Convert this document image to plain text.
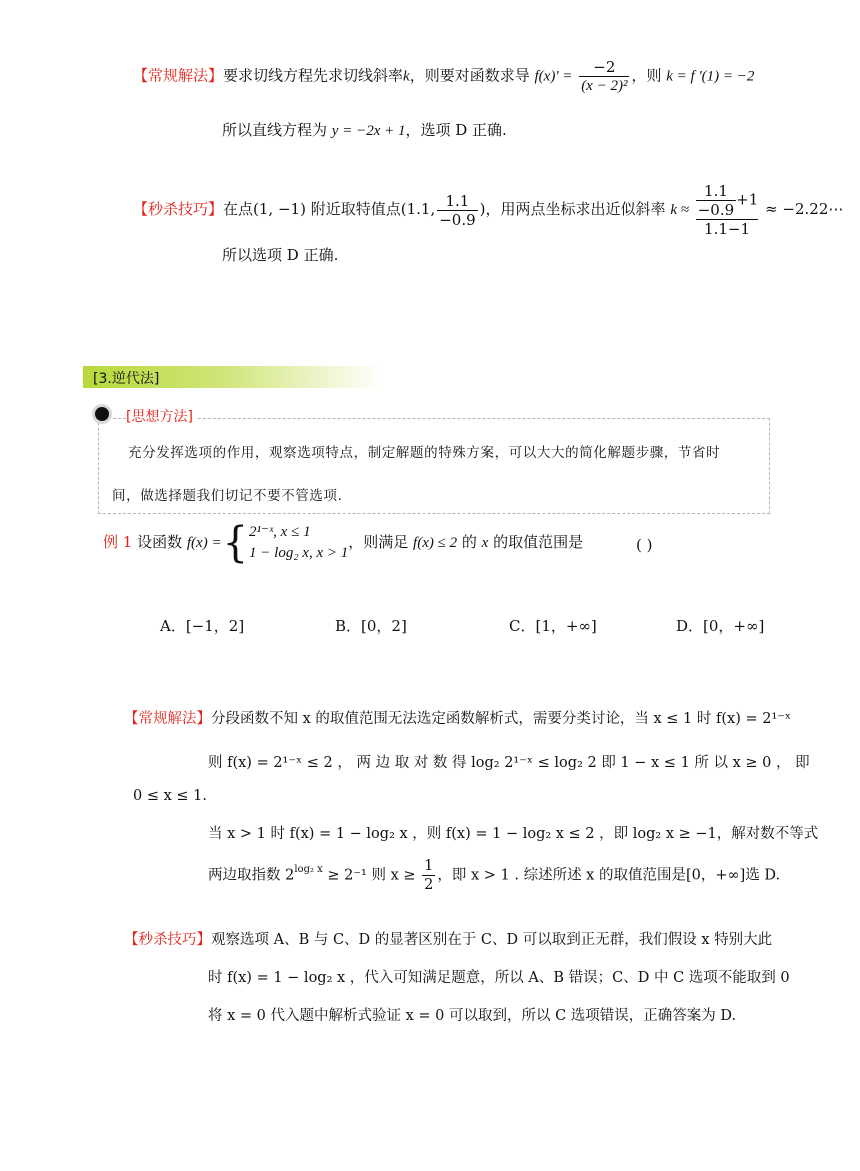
【常规解法】要求切线方程先求切线斜率k，则要对函数求导 $f(x)' = \frac{-2}{\text{(x − 2)²}}$ ，则 k = f '(1) = −2
所以直线方程为 y = −2x + 1，选项 D 正确.
【秒杀技巧】在点(1, −1) 附近取特值点(1.1, $\frac{1.1}{-0.9}$ )，用两点坐标求出近似斜率 $k \approx \frac{\frac{1.1}{-0.9} +1}{1.1-1}$ ≈ −2.22⋯
所以选项 D 正确.
[3.逆代法]
[思想方法]
充分发挥选项的作用，观察选项特点，制定解题的特殊方案，可以大大的简化解题步骤，节省时
间，做选择题我们切记不要不管选项.
例 1 设函数 f(x) ={ 2¹⁻ˣ, x ≤ 1
1 − log₂ x, x > 1
，则满足 f(x) ≤ 2 的 x 的取值范围是	( )
A．[−1，2]	B．[0，2]	C．[1，+∞]	D．[0，+∞]
【常规解法】分段函数不知 x 的取值范围无法选定函数解析式，需要分类讨论，当 x ≤ 1 时 f(x) = 2¹⁻ˣ
则 f(x) = 2¹⁻ˣ ≤ 2 ， 两 边 取 对 数 得 log₂ 2¹⁻ˣ ≤ log₂ 2 即 1 − x ≤ 1 所 以 x ≥ 0 ， 即
0 ≤ x ≤ 1.
当 x > 1 时 f(x) = 1 − log₂ x ，则 f(x) = 1 − log₂ x ≤ 2 ，即 log₂ x ≥ −1，解对数不等式
两边取指数 $2^{log_2 x} \ge 2^{-1}$ 则 $x \ge \frac{1}{2}$ ，即 x > 1 . 综述所述 x 的取值范围是[0，+∞]选 D.
【秒杀技巧】观察选项 A、B 与 C、D 的显著区别在于 C、D 可以取到正无群，我们假设 x 特别大此
时 f(x) = 1 − log₂ x ，代入可知满足题意，所以 A、B 错误；C、D 中 C 选项不能取到 0
将 x = 0 代入题中解析式验证 x = 0 可以取到，所以 C 选项错误，正确答案为 D.
